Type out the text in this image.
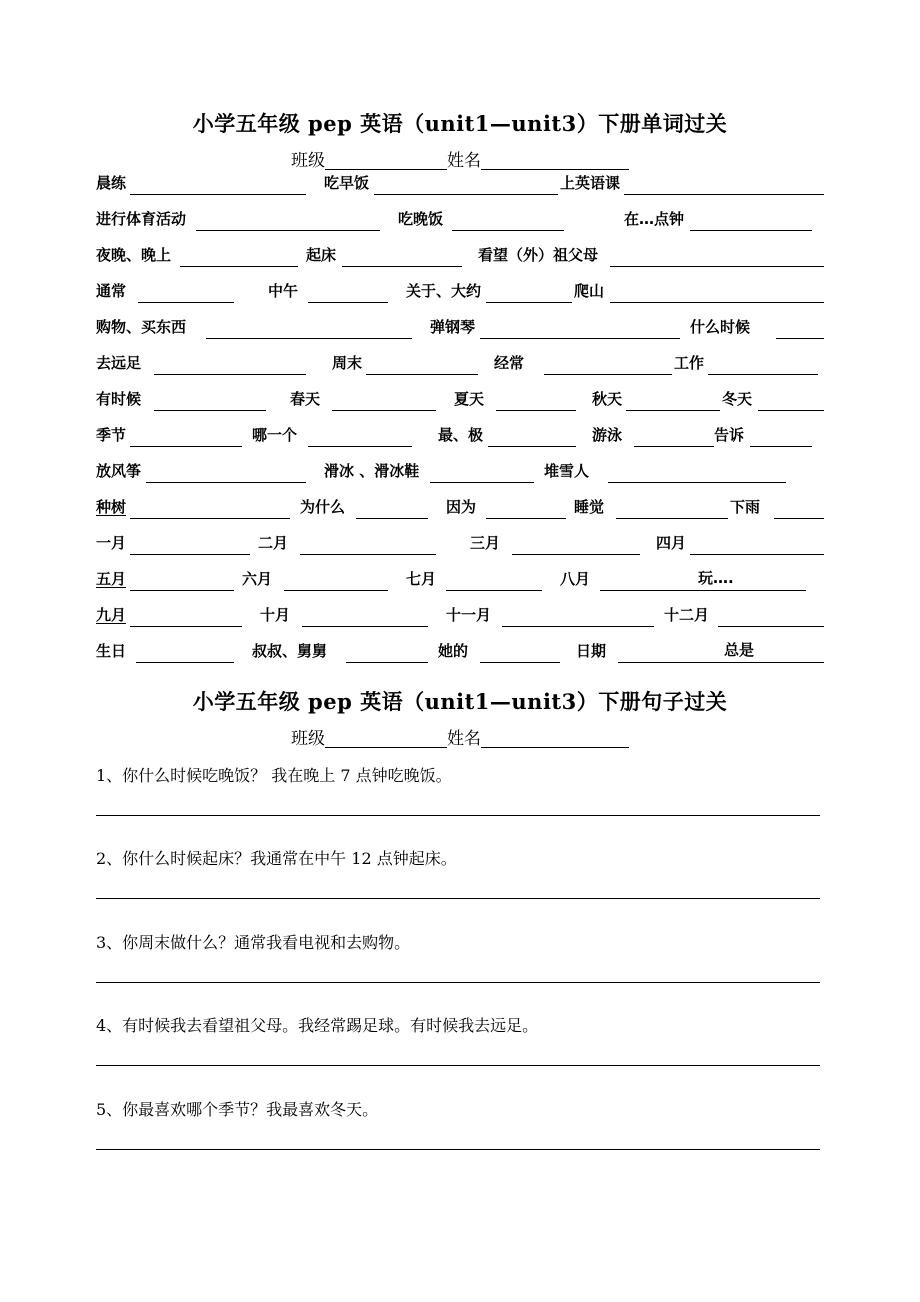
小学五年级 pep 英语（unit1—unit3）下册单词过关
班级	姓名
晨练	吃早饭	上英语课
进行体育活动	吃晚饭	在…点钟
夜晚、晚上	起床	看望（外）祖父母
通常	中午	关于、大约	爬山
购物、买东西	弹钢琴	什么时候
去远足	周末	经常	工作
有时候	春天	夏天	秋天	冬天
季节	哪一个	最、极	游泳	告诉
放风筝	滑冰 、滑冰鞋	堆雪人
种树	为什么	因为	睡觉	下雨
一月	二月	三月	四月
五月	六月	七月	八月	玩….
九月	十月	十一月	十二月
生日	叔叔、舅舅	她的	日期	总是
小学五年级 pep 英语（unit1—unit3）下册句子过关
班级	姓名
1、你什么时候吃晚饭？ 我在晚上 7 点钟吃晚饭。
2、你什么时候起床？我通常在中午 12 点钟起床。
3、你周末做什么？通常我看电视和去购物。
4、有时候我去看望祖父母。我经常踢足球。有时候我去远足。
5、你最喜欢哪个季节？我最喜欢冬天。
